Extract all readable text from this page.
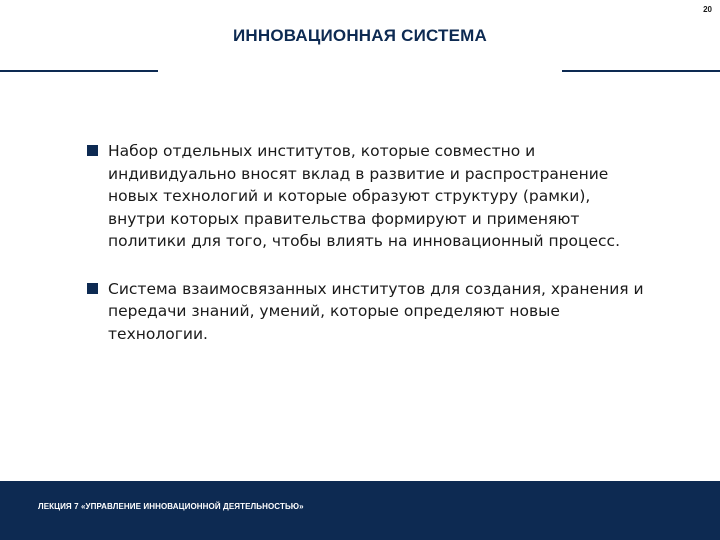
20
ИННОВАЦИОННАЯ СИСТЕМА
Набор отдельных институтов, которые совместно и индивидуально вносят вклад в развитие и распространение новых технологий и которые образуют структуру (рамки), внутри которых правительства формируют и применяют политики для того, чтобы влиять на инновационный процесс.
Система взаимосвязанных институтов для создания, хранения и передачи знаний, умений, которые определяют новые технологии.
ЛЕКЦИЯ 7 «УПРАВЛЕНИЕ ИННОВАЦИОННОЙ ДЕЯТЕЛЬНОСТЬЮ»
